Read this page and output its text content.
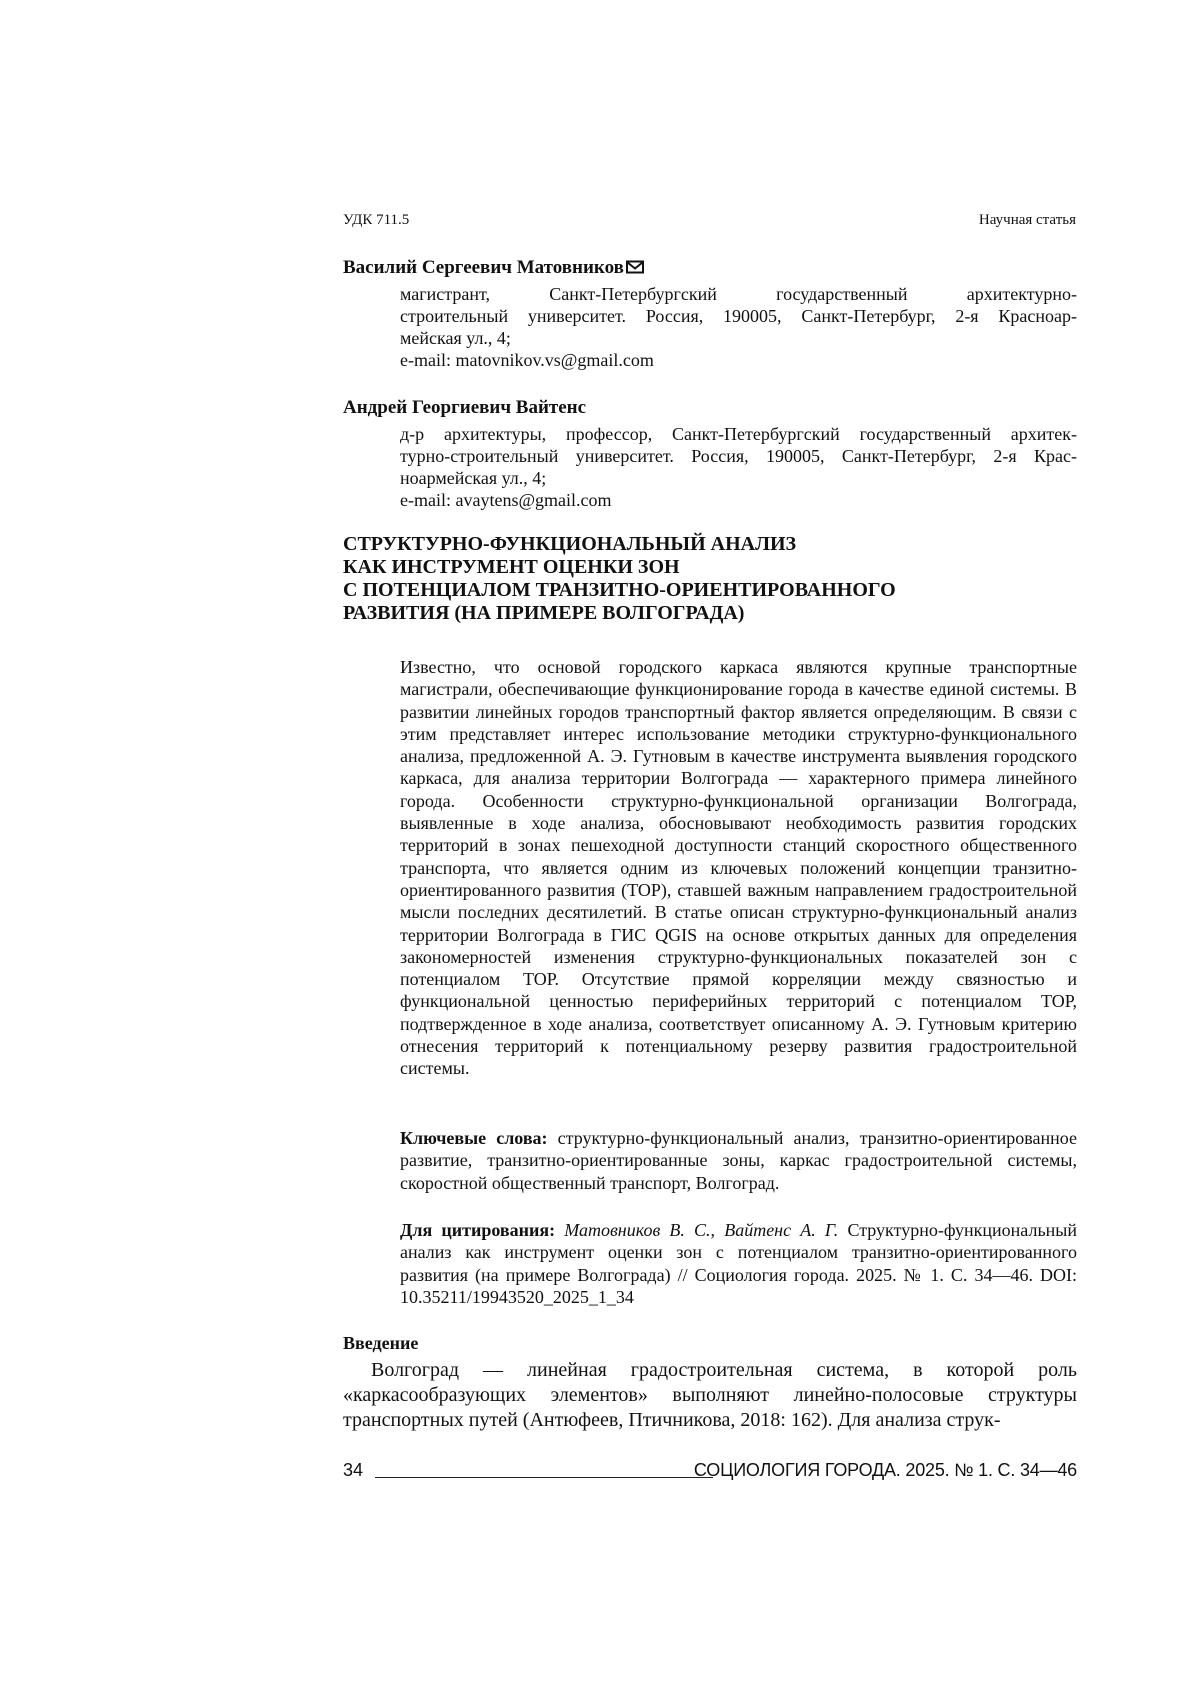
УДК 711.5	Научная статья
Василий Сергеевич Матовников
магистрант, Санкт-Петербургский государственный архитектурно-
строительный университет. Россия, 190005, Санкт-Петербург, 2-я Красноар-
мейская ул., 4;
e-mail: matovnikov.vs@gmail.com
Андрей Георгиевич Вайтенс
д-р архитектуры, профессор, Санкт-Петербургский государственный архитек-
турно-строительный университет. Россия, 190005, Санкт-Петербург, 2-я Крас-
ноармейская ул., 4;
e-mail: avaytens@gmail.com
СТРУКТУРНО-ФУНКЦИОНАЛЬНЫЙ АНАЛИЗ
КАК ИНСТРУМЕНТ ОЦЕНКИ ЗОН
С ПОТЕНЦИАЛОМ ТРАНЗИТНО-ОРИЕНТИРОВАННОГО
РАЗВИТИЯ (НА ПРИМЕРЕ ВОЛГОГРАДА)
Известно, что основой городского каркаса являются крупные транспортные магистрали, обеспечивающие функционирование города в качестве единой системы. В развитии линейных городов транспортный фактор является определяющим. В связи с этим представляет интерес использование методики структурно-функционального анализа, предложенной А. Э. Гутновым в качестве инструмента выявления городского каркаса, для анализа территории Волгограда — характерного примера линейного города. Особенности структурно-функциональной организации Волгограда, выявленные в ходе анализа, обосновывают необходимость развития городских территорий в зонах пешеходной доступности станций скоростного общественного транспорта, что является одним из ключевых положений концепции транзитно-ориентированного развития (ТОР), ставшей важным направлением градостроительной мысли последних десятилетий. В статье описан структурно-функциональный анализ территории Волгограда в ГИС QGIS на основе открытых данных для определения закономерностей изменения структурно-функциональных показателей зон с потенциалом ТОР. Отсутствие прямой корреляции между связностью и функциональной ценностью периферийных территорий с потенциалом ТОР, подтвержденное в ходе анализа, соответствует описанному А. Э. Гутновым критерию отнесения территорий к потенциальному резерву развития градостроительной системы.
Ключевые слова: структурно-функциональный анализ, транзитно-ориентированное развитие, транзитно-ориентированные зоны, каркас градостроительной системы, скоростной общественный транспорт, Волгоград.
Для цитирования: Матовников В. С., Вайтенс А. Г. Структурно-функциональный анализ как инструмент оценки зон с потенциалом транзитно-ориентированного развития (на примере Волгограда) // Социология города. 2025. № 1. С. 34—46. DOI: 10.35211/19943520_2025_1_34
Введение
Волгоград — линейная градостроительная система, в которой роль «каркасообразующих элементов» выполняют линейно-полосовые структуры транспортных путей (Антюфеев, Птичникова, 2018: 162). Для анализа струк-
34	СОЦИОЛОГИЯ ГОРОДА. 2025. № 1. С. 34—46
